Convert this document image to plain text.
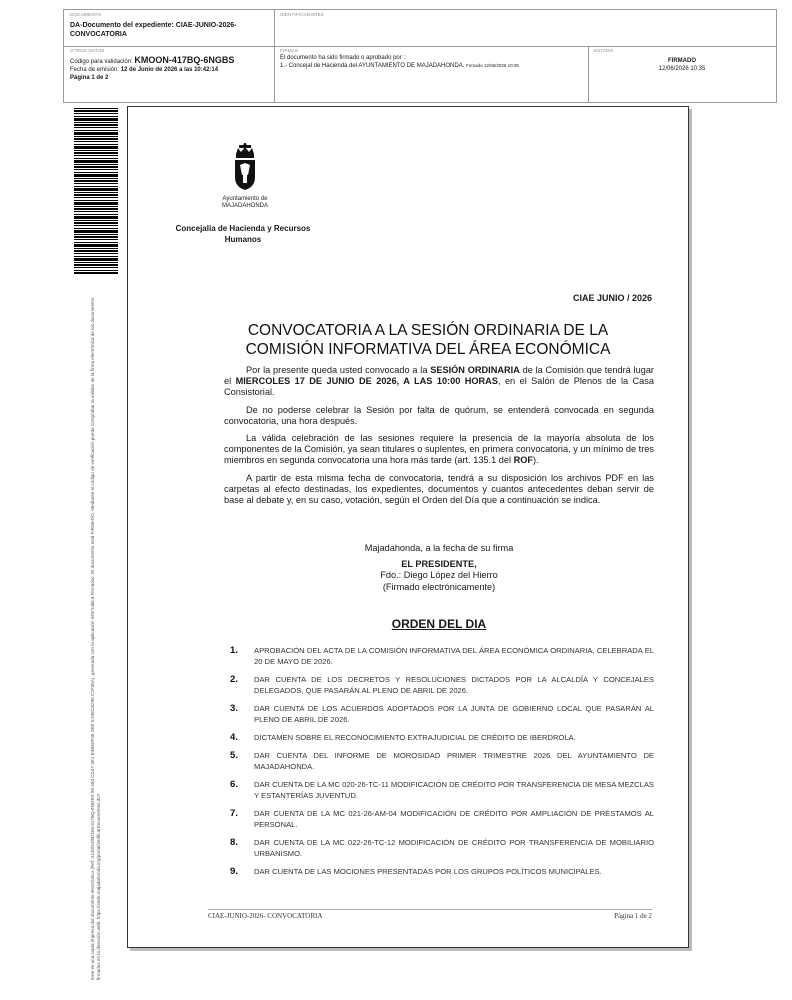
DOCUMENTO
DA-Documento del expediente: CIAE-JUNIO-2026-
CONVOCATORIA
IDENTIFICADORES
OTROS DATOS
Código para validación: KMOON-417BQ-6NGBS
Fecha de emisión: 12 de Junio de 2026 a las 10:42:14
Página 1 de 2
FIRMAS
El documento ha sido firmado o aprobado por :
1.- Concejal de Hacienda del AYUNTAMIENTO DE MAJADAHONDA. Firmado 12/06/2026 10:35
ESTADO
FIRMADO
12/06/2026 10:35
Este es una copia impresa del documento electrónico (Ref: 4140/S4/N2ON-417BQ-6NGBS 95 48d CD47 3E1 E4B50F36 ZEE E19EC6296 C2F35A), generada con la aplicación informática Firmadoc. El documento está FIRMADO. Mediante el código de verificación puede comprobar la validez de la firma electrónica de los documentos firmados en la dirección web: https://sede.majadahonda.org/portal/verificarDocumentos.do?
Ayuntamiento de
MAJADAHONDA
Concejalía de Hacienda y Recursos Humanos
CIAE JUNIO / 2026
CONVOCATORIA A LA SESIÓN ORDINARIA DE LA
COMISIÓN INFORMATIVA DEL ÁREA ECONÓMICA

Por la presente queda usted convocado a la SESIÓN ORDINARIA de la Comisión que tendrá lugar el MIERCOLES 17 DE JUNIO DE 2026, A LAS 10:00 HORAS, en el Salón de Plenos de la Casa Consistorial.

De no poderse celebrar la Sesión por falta de quórum, se entenderá convocada en segunda convocatoria, una hora después.

La válida celebración de las sesiones requiere la presencia de la mayoría absoluta de los componentes de la Comisión, ya sean titulares o suplentes, en primera convocatoria, y un mínimo de tres miembros en segunda convocatoria una hora más tarde (art. 135.1 del ROF).

A partir de esta misma fecha de convocatoria, tendrá a su disposición los archivos PDF en las carpetas al efecto destinadas, los expedientes, documentos y cuantos antecedentes deban servir de base al debate y, en su caso, votación, según el Orden del Día que a continuación se indica.

Majadahonda, a la fecha de su firma
EL PRESIDENTE,
Fdo.: Diego López del Hierro
(Firmado electrónicamente)
ORDEN DEL DIA
1. APROBACIÓN DEL ACTA DE LA COMISIÓN INFORMATIVA DEL ÁREA ECONÓMICA ORDINARIA, CELEBRADA EL 20 DE MAYO DE 2026.
2. DAR CUENTA DE LOS DECRETOS Y RESOLUCIONES DICTADOS POR LA ALCALDÍA Y CONCEJALES DELEGADOS, QUE PASARÁN AL PLENO DE ABRIL DE 2026.
3. DAR CUENTA DE LOS ACUERDOS ADOPTADOS POR LA JUNTA DE GOBIERNO LOCAL QUE PASARÁN AL PLENO DE ABRIL DE 2026.
4. DICTAMEN SOBRE EL RECONOCIMIENTO EXTRAJUDICIAL DE CRÉDITO DE IBERDROLA.
5. DAR CUENTA DEL INFORME DE MOROSIDAD PRIMER TRIMESTRE 2026 DEL AYUNTAMIENTO DE MAJADAHONDA.
6. DAR CUENTA DE LA MC 020-26-TC-11 MODIFICACIÓN DE CRÉDITO POR TRANSFERENCIA DE MESA MEZCLAS Y ESTANTERÍAS JUVENTUD.
7. DAR CUENTA DE LA MC 021-26-AM-04 MODIFICACIÓN DE CRÉDITO POR AMPLIACIÓN DE PRÉSTAMOS AL PERSONAL.
8. DAR CUENTA DE LA MC 022-26-TC-12 MODIFICACIÓN DE CRÉDITO POR TRANSFERENCIA DE MOBILIARIO URBANISMO.
9. DAR CUENTA DE LAS MOCIONES PRESENTADAS POR LOS GRUPOS POLÍTICOS MUNICIPALES.
CIAE-JUNIO-2026- CONVOCATORIA	Página 1 de 2
